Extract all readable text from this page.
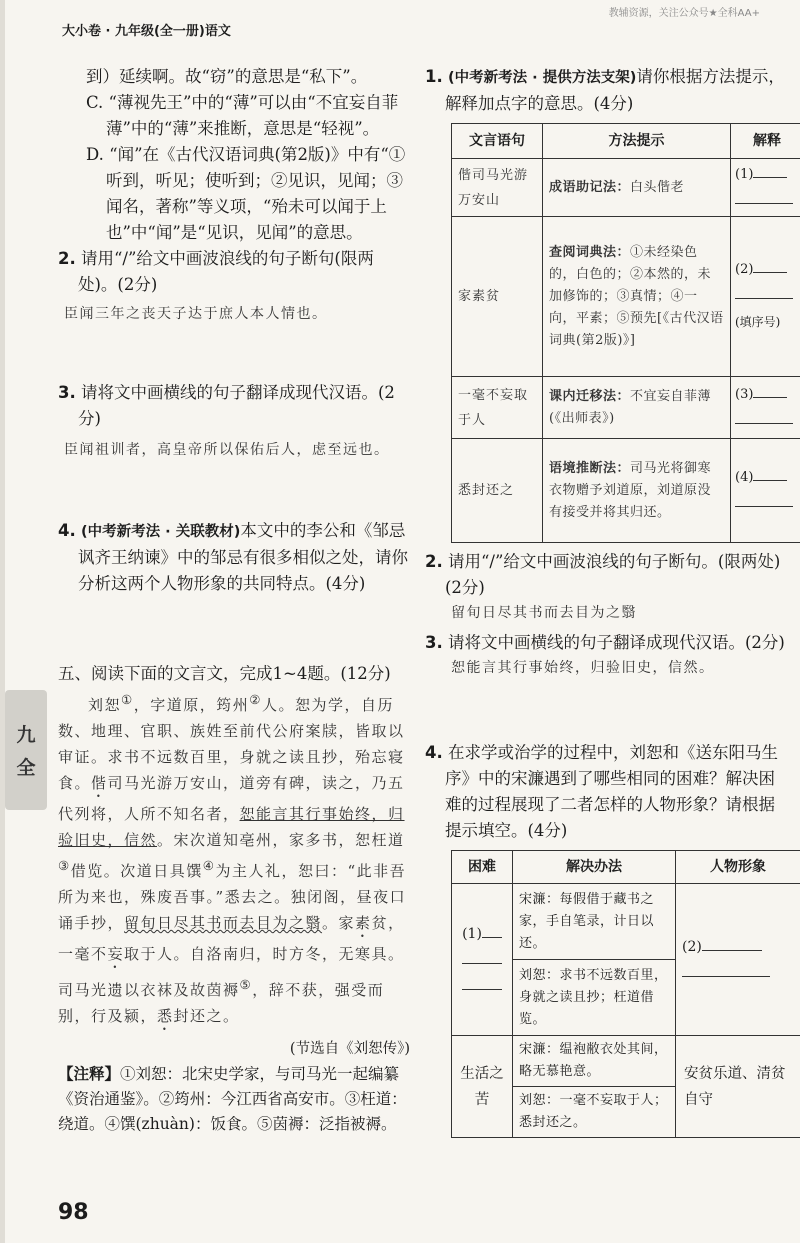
大小卷 · 九年级(全一册)语文
教辅资源，关注公众号★全科AA+
九
全

到）延续啊。故“窃”的意思是“私下”。

C. “薄视先王”中的“薄”可以由“不宜妄自菲薄”中的“薄”来推断，意思是“轻视”。

D. “闻”在《古代汉语词典(第2版)》中有“①听到，听见；使听到；②见识，见闻；③闻名，著称”等义项，“殆未可以闻于上也”中“闻”是“见识，见闻”的意思。

2. 请用“/”给文中画波浪线的句子断句(限两处)。(2分)

臣闻三年之丧天子达于庶人本人情也。

3. 请将文中画横线的句子翻译成现代汉语。(2分)

臣闻祖训者，高皇帝所以保佑后人，虑至远也。

4. (中考新考法 · 关联教材)本文中的李公和《邹忌讽齐王纳谏》中的邹忌有很多相似之处，请你分析这两个人物形象的共同特点。(4分)

五、阅读下面的文言文，完成1~4题。(12分)

刘恕①，字道原，筠州②人。恕为学，自历数、地理、官职、族姓至前代公府案牍，皆取以审证。求书不远数百里，身就之读且抄，殆忘寝食。偕司马光游万安山，道旁有碑，读之，乃五代列将，人所不知名者，恕能言其行事始终，归验旧史，信然。宋次道知亳州，家多书，恕枉道③借览。次道日具馔④为主人礼，恕曰：“此非吾所为来也，殊废吾事。”悉去之。独闭阁，昼夜口诵手抄，留旬日尽其书而去目为之翳。家素贫，一毫不妄取于人。自洛南归，时方冬，无寒具。司马光遗以衣袜及故茵褥⑤，辞不获，强受而别，行及颍，悉封还之。

(节选自《刘恕传》)

【注释】①刘恕：北宋史学家，与司马光一起编纂《资治通鉴》。②筠州：今江西省高安市。③枉道：绕道。④馔(zhuàn)：饭食。⑤茵褥：泛指被褥。

98

1. (中考新考法 · 提供方法支架)请你根据方法提示，解释加点字的意思。(4分)

文言语句	方法提示	解释
偕司马光游万安山	成语助记法：白头偕老	(1)

家素贫	查阅词典法：①未经染色的，白色的；②本然的，未加修饰的；③真情；④一向，平素；⑤预先[《古代汉语词典(第2版)》]	(2)

(填序号)
一毫不妄取于人	课内迁移法：不宜妄自菲薄(《出师表》)	(3)

悉封还之	语境推断法：司马光将御寒衣物赠予刘道原，刘道原没有接受并将其归还。	(4)

2. 请用“/”给文中画波浪线的句子断句。(限两处)(2分)

留旬日尽其书而去目为之翳

3. 请将文中画横线的句子翻译成现代汉语。(2分)

恕能言其行事始终，归验旧史，信然。

4. 在求学或治学的过程中，刘恕和《送东阳马生序》中的宋濂遇到了哪些相同的困难？解决困难的过程展现了二者怎样的人物形象？请根据提示填空。(4分)

困难	解决办法	人物形象
(1)	宋濂：每假借于藏书之家，手自笔录，计日以还。	(2)

	刘恕：求书不远数百里，身就之读且抄；枉道借览。	
生活之苦	宋濂：缊袍敝衣处其间，略无慕艳意。	安贫乐道、清贫自守
	刘恕：一毫不妄取于人；悉封还之。	
